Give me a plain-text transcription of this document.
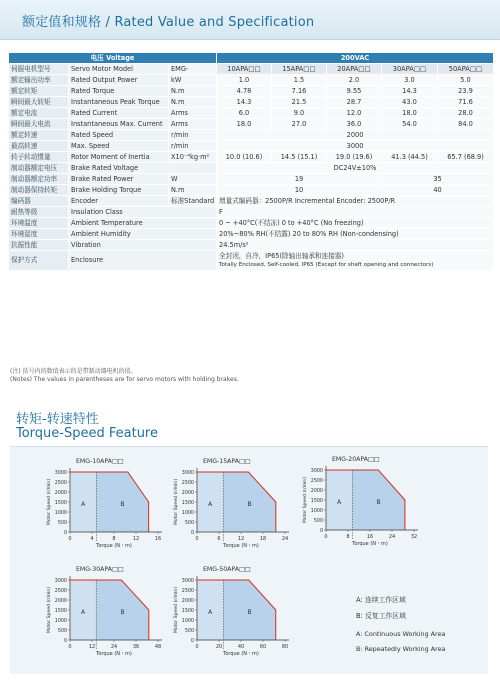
额定值和规格 / Rated Value and Specification
电压 Voltage			200VAC				
伺服电机型号	Servo Motor Model	EMG-	10APA□□	15APA□□	20APA□□	30APA□□	50APA□□
额定输出功率	Rated Output Power	kW	1.0	1.5	2.0	3.0	5.0
额定转矩	Rated Torque	N.m	4.78	7.16	9.55	14.3	23.9
瞬间最大转矩	Instantaneous Peak Torque	N.m	14.3	21.5	28.7	43.0	71.6
额定电流	Rated Current	Arms	6.0	9.0	12.0	18.0	28.0
瞬间最大电流	Instantaneous Max. Current	Arms	18.0	27.0	36.0	54.0	84.0
额定转速	Rated Speed	r/min	2000				
最高转速	Max. Speed	r/min	3000				
转子转动惯量	Rotor Moment of Inertia	X10⁻⁴kg·m²	10.0 (10.6)	14.5 (15.1)	19.0 (19.6)	41.3 (44.5)	65.7 (68.9)
制动器额定电压	Brake Rated Voltage		DC24V±10%				
制动器额定功率	Brake Rated Power	W	19			35	
制动器保持转矩	Brake Holding Torque	N.m	10			40	
编码器	Encoder	标准Standard	增量式编码器：2500P/R Incremental Encoder: 2500P/R				
耐热等级	Insulation Class		F				
环境温度	Ambient Temperature		0 ~ +40°C(不结冻) 0 to +40°C (No freezing)				
环境湿度	Ambient Humidity		20%~80% RH(不结露) 20 to 80% RH (Non-condensing)				
抗振性能	Vibration		24.5m/s²				
保护方式	Enclosure		全封闭，自冷，IP65(除轴出轴承和连接器)
Totally Enclosed, Self-cooled, IP65 (Except for shaft opening and connectors)				
(注) 括号内的数值表示的是带制动器电机的值。
(Notes) The values in parentheses are for servo motors with holding brakes.
转矩-转速特性
Torque-Speed Feature
EMG-10APA□□
0
500
1000
1500
2000
2500
3000
0	4	8	12	16
A	B
Torque (N・m)
Motor Speed (r/min)
EMG-15APA□□
0
500
1000
1500
2000
2500
3000
0	6	12	18	24
A	B
Torque (N・m)
Motor Speed (r/min)
EMG-20APA□□
0
500
1000
1500
2000
2500
3000
0	8	16	24	32
A	B
Torque (N・m)
Motor Speed (r/min)
EMG-30APA□□
0
500
1000
1500
2000
2500
3000
0	12	24	36	48
A	B
Torque (N・m)
Motor Speed (r/min)
EMG-50APA□□
0
500
1000
1500
2000
2500
3000
0	20	40	60	80
A	B
Torque (N・m)
Motor Speed (r/min)	A: 连续工作区域
B: 反复工作区域
A: Continuous Working Area
B: Repeatedly Working Area
